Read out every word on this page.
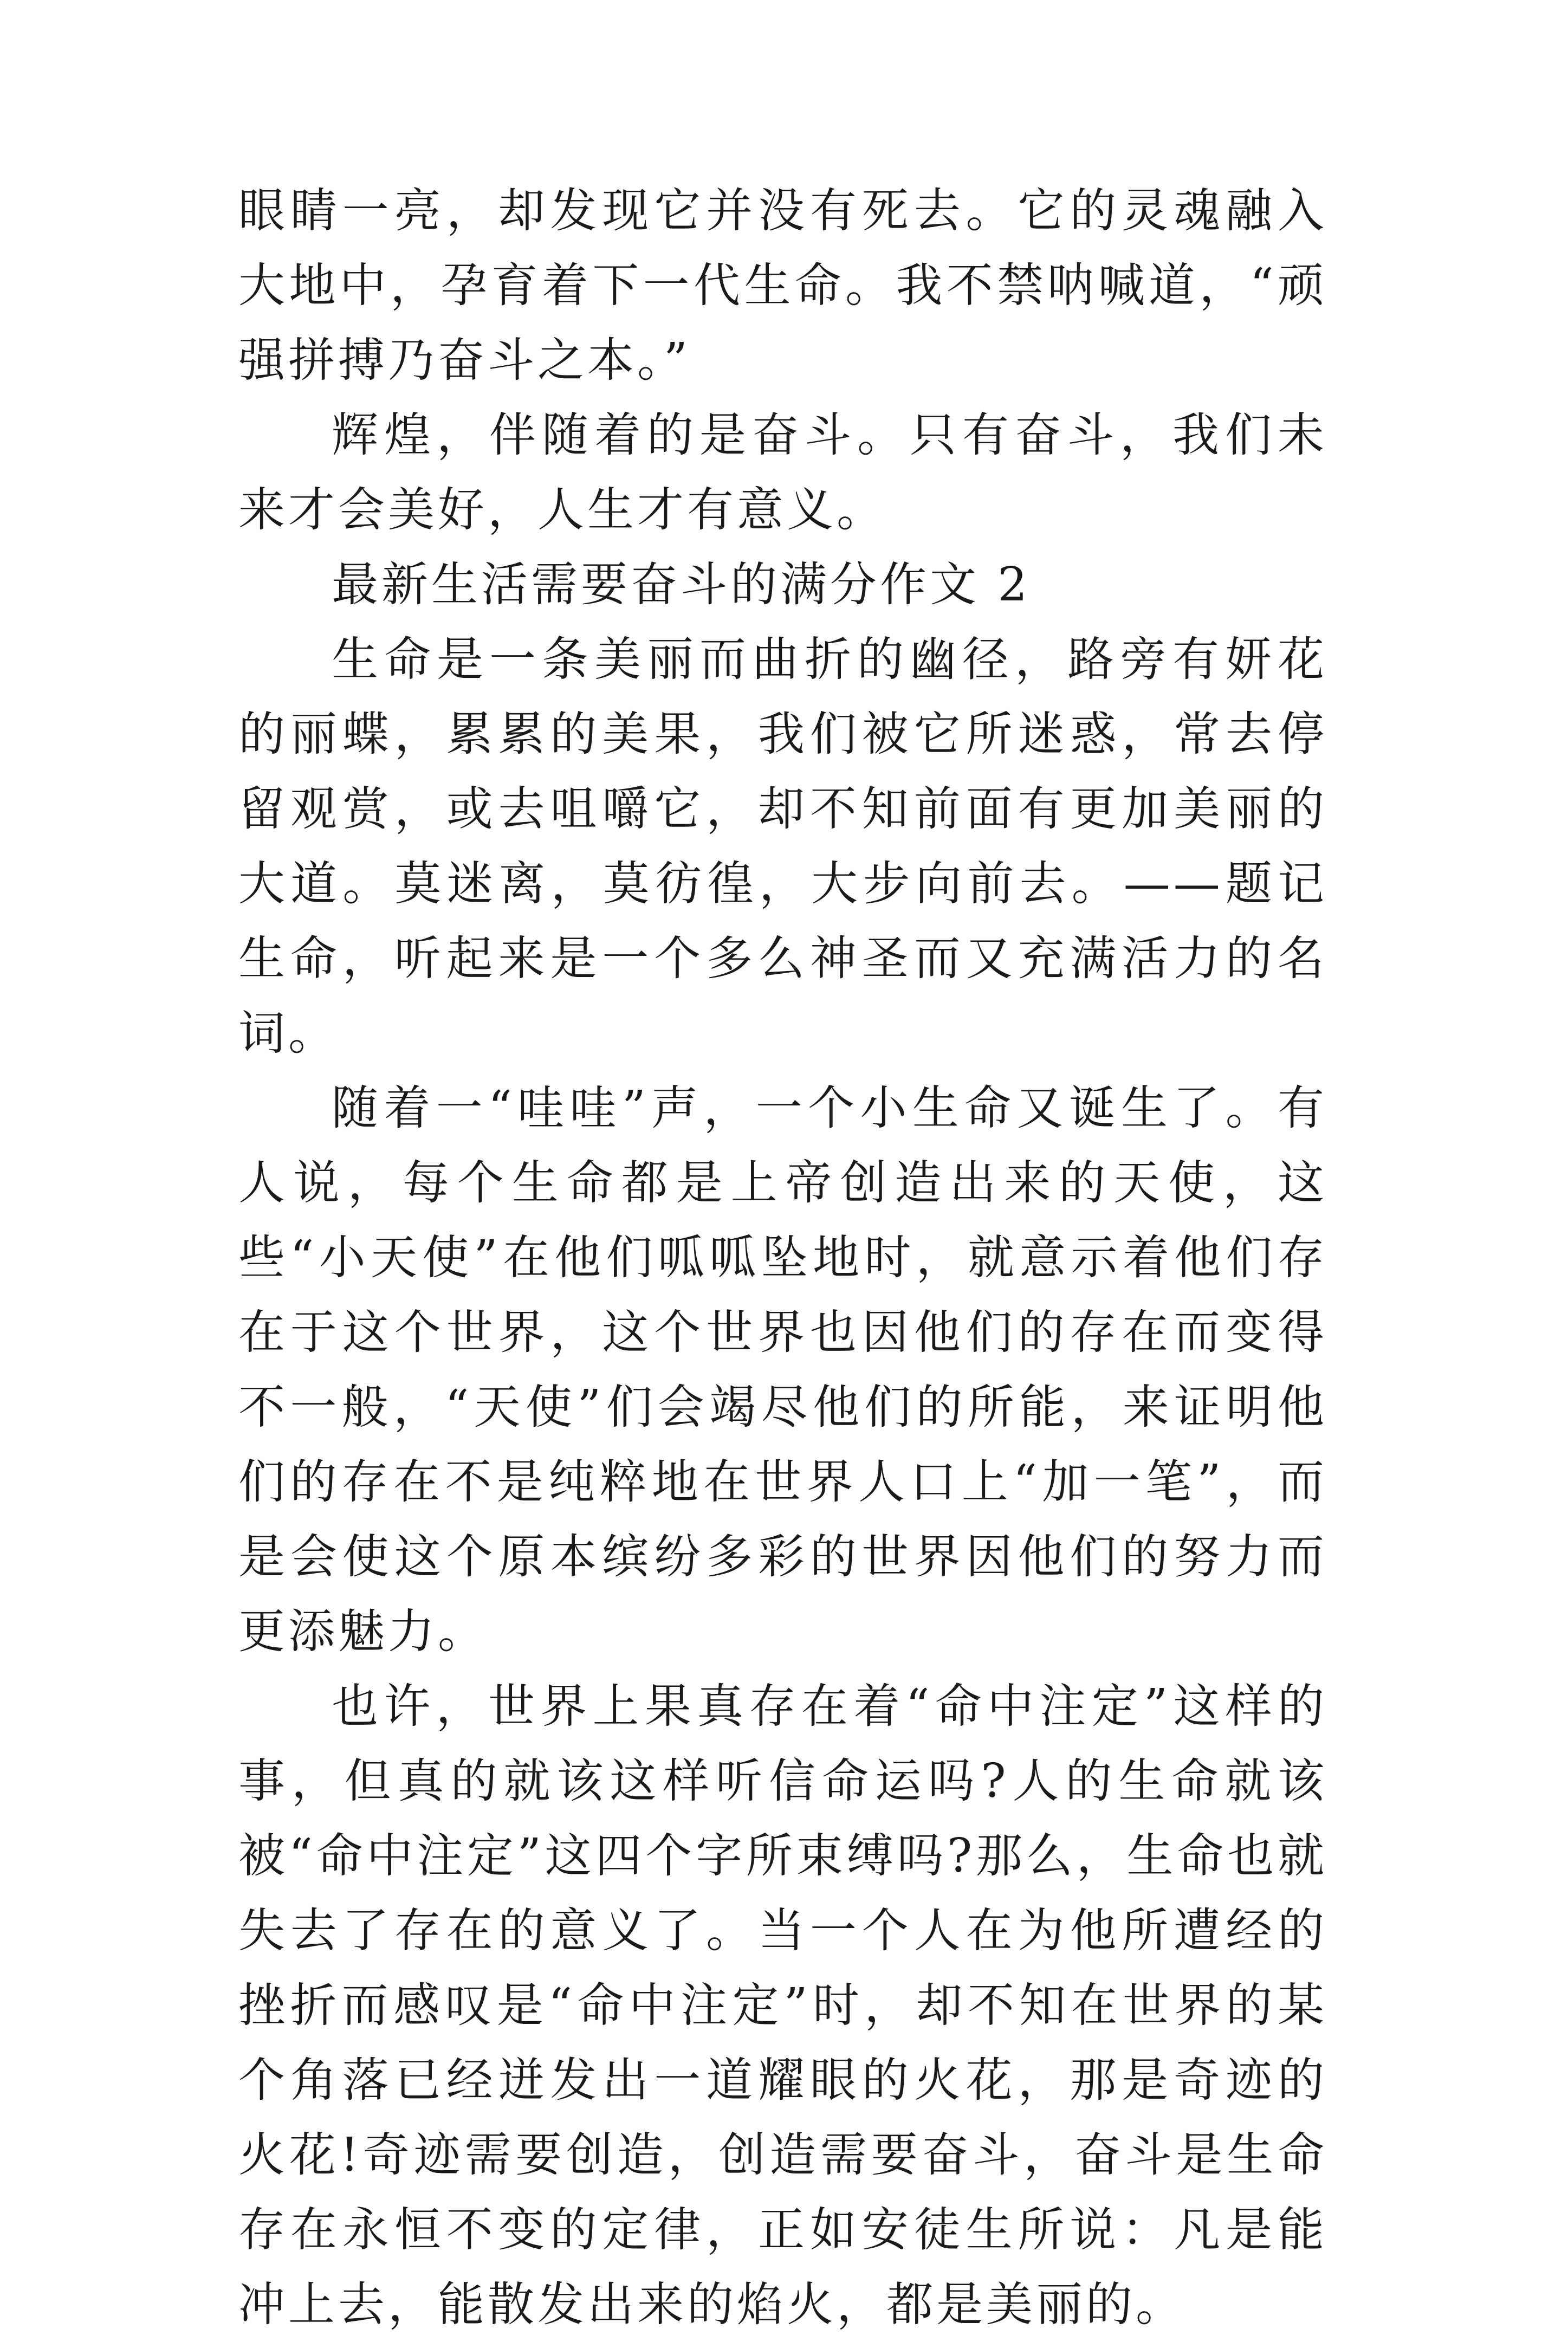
眼睛一亮，却发现它并没有死去。它的灵魂融入大地中，孕育着下一代生命。我不禁呐喊道，“顽强拼搏乃奋斗之本。”

辉煌，伴随着的是奋斗。只有奋斗，我们未来才会美好，人生才有意义。

最新生活需要奋斗的满分作文 2

生命是一条美丽而曲折的幽径，路旁有妍花的丽蝶，累累的美果，我们被它所迷惑，常去停留观赏，或去咀嚼它，却不知前面有更加美丽的大道。莫迷离，莫彷徨，大步向前去。——题记生命，听起来是一个多么神圣而又充满活力的名词。

随着一“哇哇”声，一个小生命又诞生了。有人说，每个生命都是上帝创造出来的天使，这些“小天使”在他们呱呱坠地时，就意示着他们存在于这个世界，这个世界也因他们的存在而变得不一般，“天使”们会竭尽他们的所能，来证明他们的存在不是纯粹地在世界人口上“加一笔”，而是会使这个原本缤纷多彩的世界因他们的努力而更添魅力。

也许，世界上果真存在着“命中注定”这样的事，但真的就该这样听信命运吗?人的生命就该被“命中注定”这四个字所束缚吗?那么，生命也就失去了存在的意义了。当一个人在为他所遭经的挫折而感叹是“命中注定”时，却不知在世界的某个角落已经迸发出一道耀眼的火花，那是奇迹的火花!奇迹需要创造，创造需要奋斗，奋斗是生命存在永恒不变的定律，正如安徒生所说：凡是能冲上去，能散发出来的焰火，都是美丽的。
